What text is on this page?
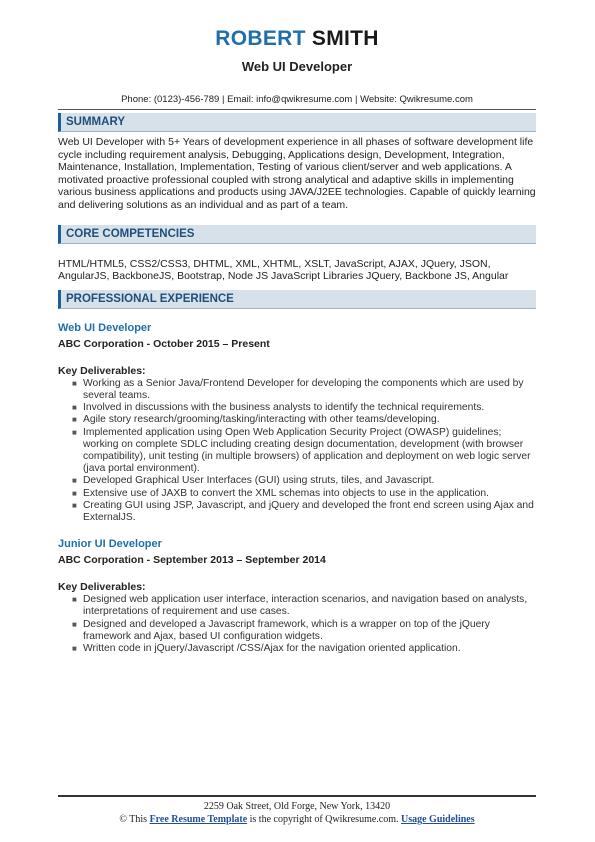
ROBERT SMITH
Web UI Developer
Phone: (0123)-456-789 | Email: info@qwikresume.com | Website: Qwikresume.com
SUMMARY
Web UI Developer with 5+ Years of development experience in all phases of software development life cycle including requirement analysis, Debugging, Applications design, Development, Integration, Maintenance, Installation, Implementation, Testing of various client/server and web applications. A motivated proactive professional coupled with strong analytical and adaptive skills in implementing various business applications and products using JAVA/J2EE technologies. Capable of quickly learning and delivering solutions as an individual and as part of a team.
CORE COMPETENCIES
HTML/HTML5, CSS2/CSS3, DHTML, XML, XHTML, XSLT, JavaScript, AJAX, JQuery, JSON, AngularJS, BackboneJS, Bootstrap, Node JS JavaScript Libraries JQuery, Backbone JS, Angular
PROFESSIONAL EXPERIENCE
Web UI Developer
ABC Corporation - October 2015 – Present
Key Deliverables:
■ Working as a Senior Java/Frontend Developer for developing the components which are used by several teams.
■ Involved in discussions with the business analysts to identify the technical requirements.
■ Agile story research/grooming/tasking/interacting with other teams/developing.
■ Implemented application using Open Web Application Security Project (OWASP) guidelines; working on complete SDLC including creating design documentation, development (with browser compatibility), unit testing (in multiple browsers) of application and deployment on web logic server (java portal environment).
■ Developed Graphical User Interfaces (GUI) using struts, tiles, and Javascript.
■ Extensive use of JAXB to convert the XML schemas into objects to use in the application.
■ Creating GUI using JSP, Javascript, and jQuery and developed the front end screen using Ajax and ExternalJS.
Junior UI Developer
ABC Corporation - September 2013 – September 2014
Key Deliverables:
■ Designed web application user interface, interaction scenarios, and navigation based on analysts, interpretations of requirement and use cases.
■ Designed and developed a Javascript framework, which is a wrapper on top of the jQuery framework and Ajax, based UI configuration widgets.
■ Written code in jQuery/Javascript /CSS/Ajax for the navigation oriented application.
2259 Oak Street, Old Forge, New York, 13420
© This Free Resume Template is the copyright of Qwikresume.com. Usage Guidelines
